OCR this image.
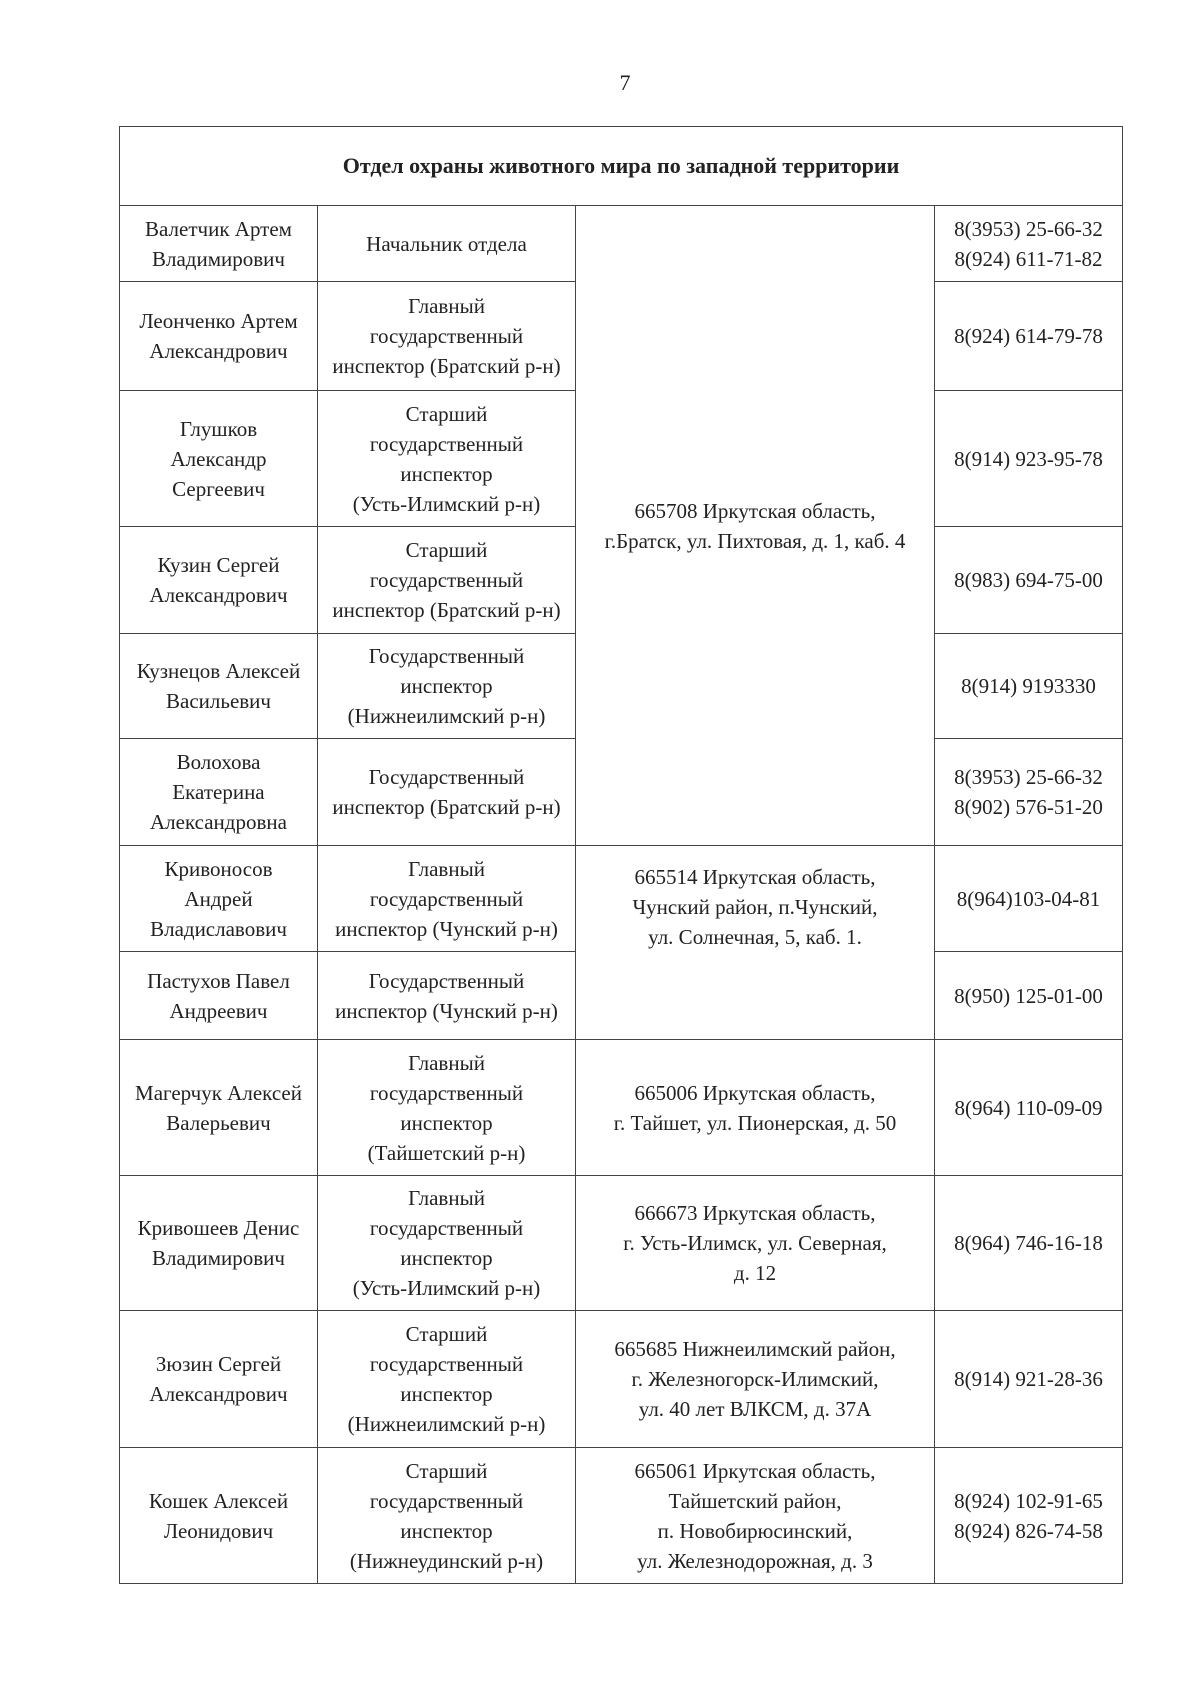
7
Отдел охраны животного мира по западной территории			

Валетчик Артем
Владимирович	Начальник отдела	665708 Иркутская область,
г.Братск, ул. Пихтовая, д. 1, каб. 4	8(3953) 25-66-32
8(924) 611-71-82

Леонченко Артем
Александрович	Главный
государственный
инспектор (Братский р-н)		8(924) 614-79-78

Глушков
Александр
Сергеевич	Старший
государственный
инспектор
(Усть-Илимский р-н)		8(914) 923-95-78

Кузин Сергей
Александрович	Старший
государственный
инспектор (Братский р-н)		8(983) 694-75-00

Кузнецов Алексей
Васильевич	Государственный
инспектор
(Нижнеилимский р-н)		8(914) 9193330

Волохова
Екатерина
Александровна	Государственный
инспектор (Братский р-н)		8(3953) 25-66-32
8(902) 576-51-20

Кривоносов
Андрей
Владиславович	Главный
государственный
инспектор (Чунский р-н)	665514 Иркутская область,
Чунский район, п.Чунский,
ул. Солнечная, 5, каб. 1.	8(964)103-04-81

Пастухов Павел
Андреевич	Государственный
инспектор (Чунский р-н)		8(950) 125-01-00

Магерчук Алексей
Валерьевич	Главный
государственный
инспектор
(Тайшетский р-н)	665006 Иркутская область,
г. Тайшет, ул. Пионерская, д. 50	8(964) 110-09-09

Кривошеев Денис
Владимирович	Главный
государственный
инспектор
(Усть-Илимский р-н)	666673 Иркутская область,
г. Усть-Илимск, ул. Северная,
д. 12	8(964) 746-16-18

Зюзин Сергей
Александрович	Старший
государственный
инспектор
(Нижнеилимский р-н)	665685 Нижнеилимский район,
г. Железногорск-Илимский,
ул. 40 лет ВЛКСМ, д. 37А	8(914) 921-28-36

Кошек Алексей
Леонидович	Старший
государственный
инспектор
(Нижнеудинский р-н)	665061 Иркутская область,
Тайшетский район,
п. Новобирюсинский,
ул. Железнодорожная, д. 3	8(924) 102-91-65
8(924) 826-74-58
